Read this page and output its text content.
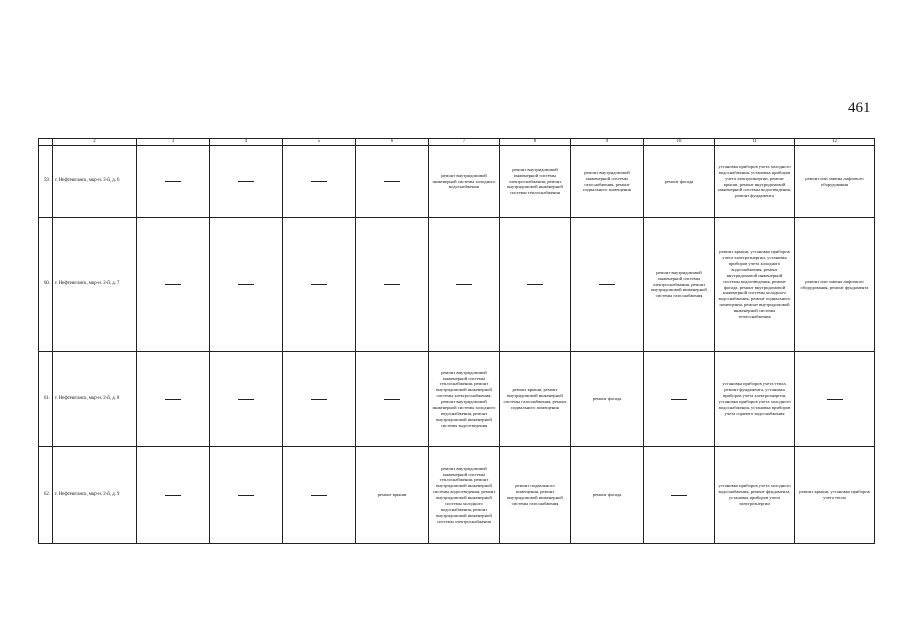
461
	2	3	4	5	6	7	8	9	10	11	12
59.	г. Нефтеюганск, мкр-н. 2-й, д. 6					ремонт внутридомовой инженерной системы холодного водоснабжения	ремонт внутридомовой инженерной системы электроснабжения, ремонт внутридомовой инженерной системы теплоснабжения	ремонт внутридомовой инженерной системы газоснабжения, ремонт подвального помещения	ремонт фасада	установка приборов учета холодного водоснабжения, установка приборов учета электроэнергии, ремонт крыши, ремонт внутридомовой инженерной системы водоотведения, ремонт фундамента	ремонт или замена лифтового оборудования
60.	г. Нефтеюганск, мкр-н. 2-й, д. 7								ремонт внутридомовой инженерной системы электроснабжения, ремонт внутридомовой инженерной системы газоснабжения	ремонт крыши, установка приборов учета электроэнергии, установка приборов учета холодного водоснабжения, ремонт внутридомовой инженерной системы водоотведения, ремонт фасада, ремонт внутридомовой инженерной системы холодного водоснабжения, ремонт подвального помещения, ремонт внутридомовой инженерной системы теплоснабжения	ремонт или замена лифтового оборудования, ремонт фундамента
61.	г. Нефтеюганск, мкр-н. 2-й, д. 8					ремонт внутридомовой инженерной системы теплоснабжения, ремонт внутридомовой инженерной системы электроснабжения, ремонт внутридомовой инженерной системы холодного водоснабжения, ремонт внутридомовой инженерной системы водоотведения	ремонт крыши, ремонт внутридомовой инженерной системы газоснабжения, ремонт подвального помещения	ремонт фасада		установка приборов учета тепла, ремонт фундамента, установка приборов учета электроэнергии, установка приборов учета холодного водоснабжения, установка приборов учета горячего водоснабжения	
62.	г. Нефтеюганск, мкр-н. 2-й, д. 9				ремонт крыши	ремонт внутридомовой инженерной системы теплоснабжения, ремонт внутридомовой инженерной системы водоотведения, ремонт внутридомовой инженерной системы холодного водоснабжения, ремонт внутридомовой инженерной системы электроснабжения	ремонт подвального помещения, ремонт внутридомовой инженерной системы газоснабжения	ремонт фасада		установка приборов учета холодного водоснабжения, ремонт фундамента, установка приборов учета электроэнергии	ремонт крыши, установка приборов учета тепла
